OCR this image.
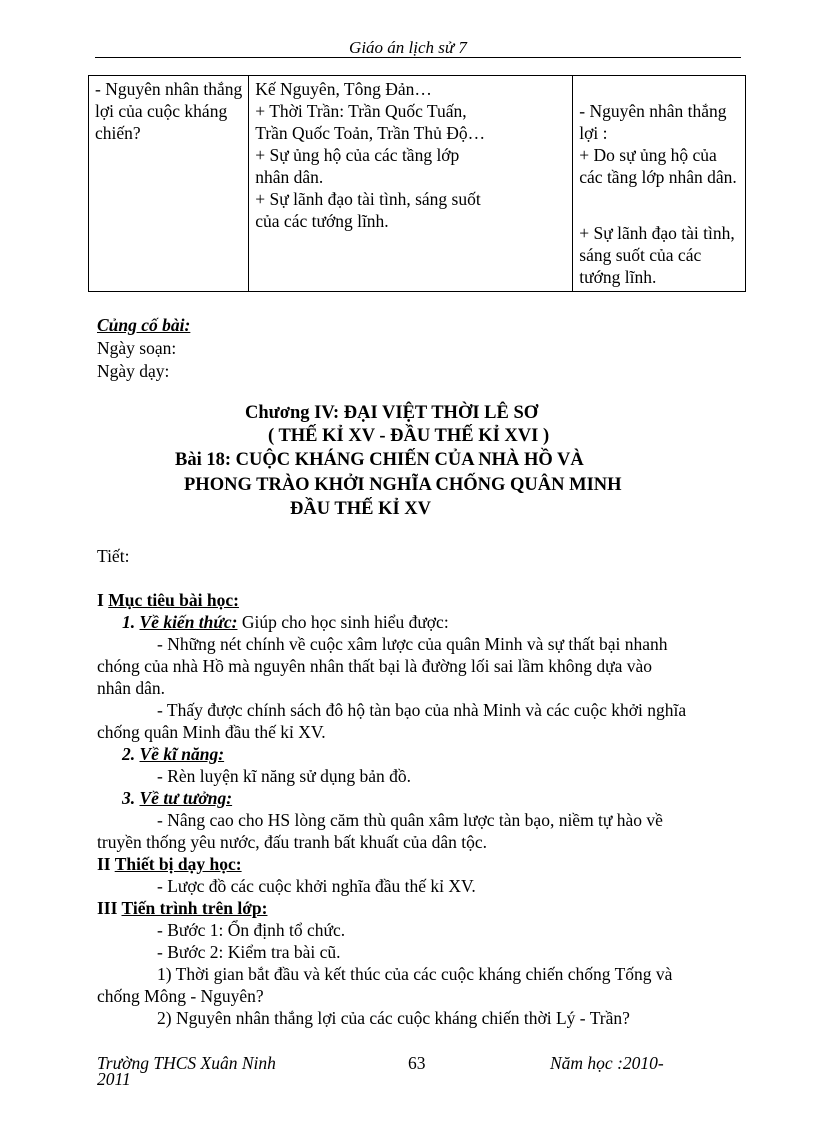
Giáo án lịch sử 7
- Nguyên nhân thắng
lợi của cuộc kháng
chiến?

Kế Nguyên, Tông Đản…
+ Thời Trần: Trần Quốc Tuấn,
Trần Quốc Toản, Trần Thủ Độ…
+ Sự ủng hộ của các tầng lớp
nhân dân.
+ Sự lãnh đạo tài tình, sáng suốt
của các tướng lĩnh.

- Nguyên nhân thắng
lợi :
+ Do sự ủng hộ của
các tầng lớp nhân dân.
+ Sự lãnh đạo tài tình,
sáng suốt của các
tướng lĩnh.
Củng cố bài:
Ngày soạn:
Ngày dạy:
Chương IV: ĐẠI VIỆT THỜI LÊ SƠ
( THẾ KỈ XV - ĐẦU THẾ KỈ XVI )
Bài 18: CUỘC KHÁNG CHIẾN CỦA NHÀ HỒ VÀ
PHONG TRÀO KHỞI NGHĨA CHỐNG QUÂN MINH
ĐẦU THẾ KỈ XV
Tiết:
I Mục tiêu bài học:
1. Về kiến thức: Giúp cho học sinh hiểu được:
- Những nét chính về cuộc xâm lược của quân Minh và sự thất bại nhanh
chóng của nhà Hồ mà nguyên nhân thất bại là đường lối sai lầm không dựa vào
nhân dân.
- Thấy được chính sách đô hộ tàn bạo của nhà Minh và các cuộc khởi nghĩa
chống quân Minh đầu thế kỉ XV.
2. Về kĩ năng:
- Rèn luyện kĩ năng sử dụng bản đồ.
3. Về tư tưởng:
- Nâng cao cho HS lòng căm thù quân xâm lược tàn bạo, niềm tự hào về
truyền thống yêu nước, đấu tranh bất khuất của dân tộc.
II Thiết bị dạy học:
- Lược đồ các cuộc khởi nghĩa đầu thế kỉ XV.
III Tiến trình trên lớp:
- Bước 1: Ổn định tổ chức.
- Bước 2: Kiểm tra bài cũ.
1) Thời gian bắt đầu và kết thúc của các cuộc kháng chiến chống Tống và
chống Mông - Nguyên?
2) Nguyên nhân thắng lợi của các cuộc kháng chiến thời Lý - Trần?
Trường THCS Xuân Ninh
2011
63	Năm học :2010-
